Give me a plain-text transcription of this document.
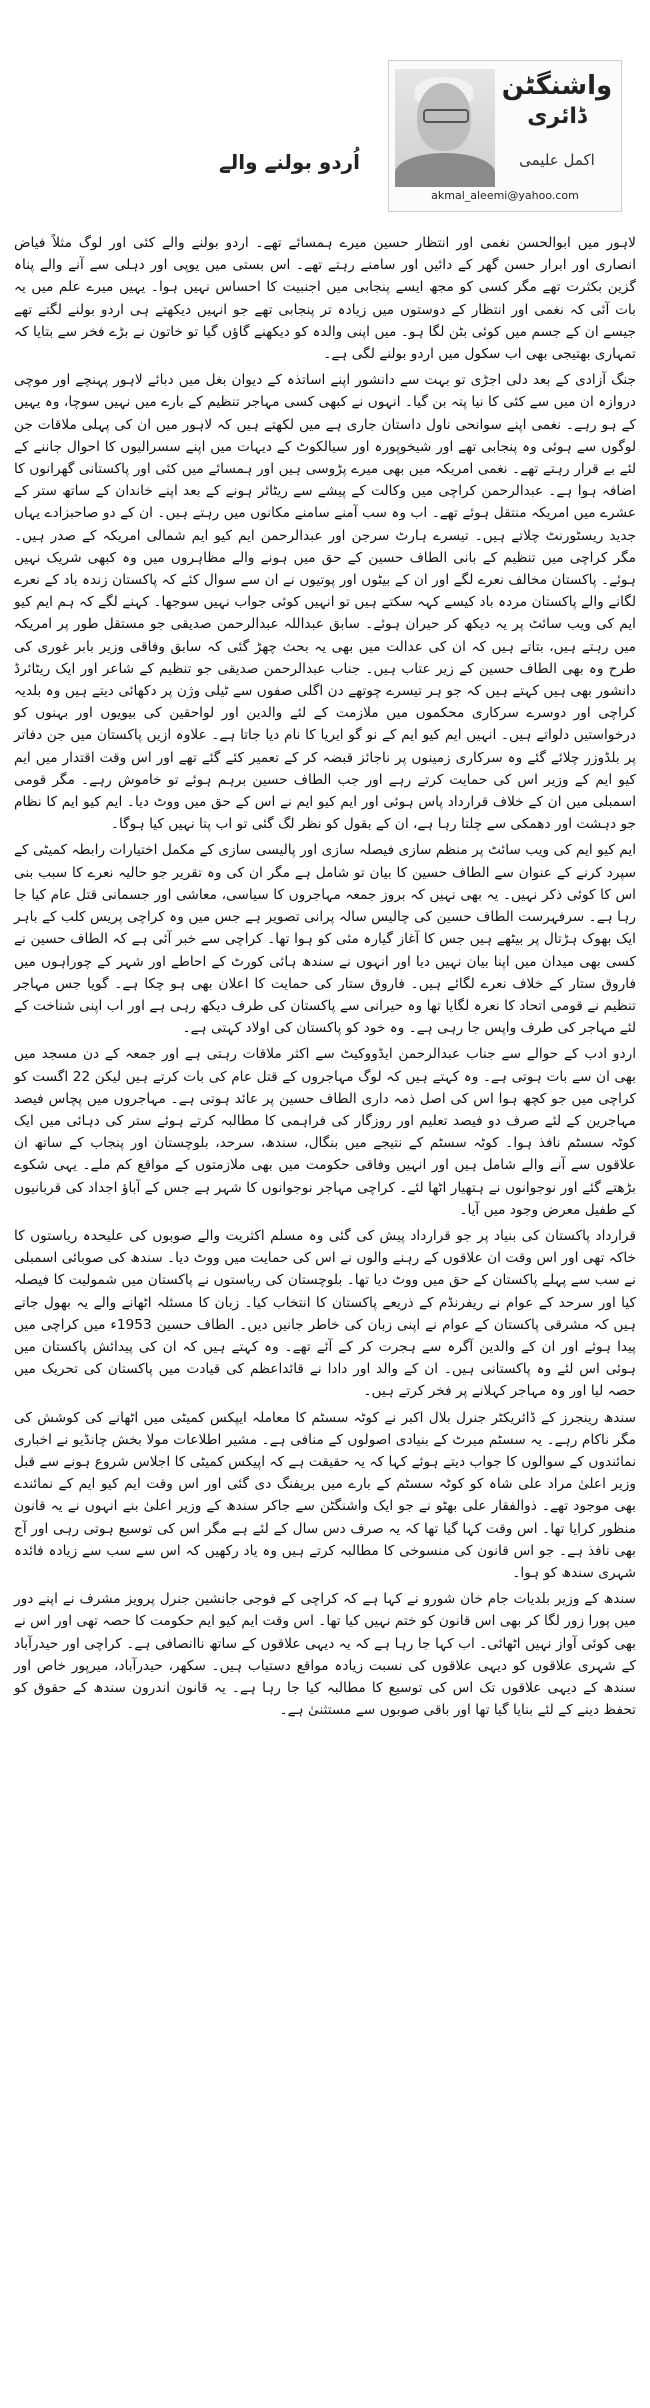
واشنگٹن
ڈائری
اکمل علیمی
akmal_aleemi@yahoo.com
اُردو بولنے والے

لاہور میں ابوالحسن نغمی اور انتظار حسین میرے ہمسائے تھے۔ اردو بولنے والے کئی اور لوگ مثلاً فیاض انصاری اور ابرار حسن گھر کے دائیں اور سامنے رہتے تھے۔ اس بستی میں یوپی اور دہلی سے آنے والے پناہ گزین بکثرت تھے مگر کسی کو مجھ ایسے پنجابی میں اجنبیت کا احساس نہیں ہوا۔ یہیں میرے علم میں یہ بات آئی کہ نغمی اور انتظار کے دوستوں میں زیادہ تر پنجابی تھے جو انہیں دیکھتے ہی اردو بولنے لگتے تھے جیسے ان کے جسم میں کوئی بٹن لگا ہو۔ میں اپنی والدہ کو دیکھنے گاؤں گیا تو خاتون نے بڑے فخر سے بتایا کہ تمہاری بھتیجی بھی اب سکول میں اردو بولنے لگی ہے۔

جنگ آزادی کے بعد دلی اجڑی تو بہت سے دانشور اپنے اساتذہ کے دیوان بغل میں دبائے لاہور پہنچے اور موچی دروازہ ان میں سے کئی کا نیا پتہ بن گیا۔ انہوں نے کبھی کسی مہاجر تنظیم کے بارے میں نہیں سوچا، وہ یہیں کے ہو رہے۔ نغمی اپنے سوانحی ناول داستان جاری ہے میں لکھتے ہیں کہ لاہور میں ان کی پہلی ملاقات جن لوگوں سے ہوئی وہ پنجابی تھے اور شیخوپورہ اور سیالکوٹ کے دیہات میں اپنے سسرالیوں کا احوال جاننے کے لئے بے قرار رہتے تھے۔ نغمی امریکہ میں بھی میرے پڑوسی ہیں اور ہمسائے میں کئی اور پاکستانی گھرانوں کا اضافہ ہوا ہے۔ عبدالرحمن کراچی میں وکالت کے پیشے سے ریٹائر ہونے کے بعد اپنے خاندان کے ساتھ ستر کے عشرے میں امریکہ منتقل ہوئے تھے۔ اب وہ سب آمنے سامنے مکانوں میں رہتے ہیں۔ ان کے دو صاحبزادے یہاں جدید ریسٹورنٹ چلاتے ہیں۔ تیسرے ہارٹ سرجن اور عبدالرحمن ایم کیو ایم شمالی امریکہ کے صدر ہیں۔ مگر کراچی میں تنظیم کے بانی الطاف حسین کے حق میں ہونے والے مظاہروں میں وہ کبھی شریک نہیں ہوئے۔ پاکستان مخالف نعرے لگے اور ان کے بیٹوں اور پوتیوں نے ان سے سوال کئے کہ پاکستان زندہ باد کے نعرے لگانے والے پاکستان مردہ باد کیسے کہہ سکتے ہیں تو انہیں کوئی جواب نہیں سوجھا۔ کہنے لگے کہ ہم ایم کیو ایم کی ویب سائٹ پر یہ دیکھ کر حیران ہوئے۔ سابق عبداللہ عبدالرحمن صدیقی جو مستقل طور پر امریکہ میں رہتے ہیں، بتاتے ہیں کہ ان کی عدالت میں بھی یہ بحث چھڑ گئی کہ سابق وفاقی وزیر بابر غوری کی طرح وہ بھی الطاف حسین کے زیر عتاب ہیں۔ جناب عبدالرحمن صدیقی جو تنظیم کے شاعر اور ایک ریٹائرڈ دانشور بھی ہیں کہتے ہیں کہ جو ہر تیسرے چوتھے دن اگلی صفوں سے ٹیلی وژن پر دکھائی دیتے ہیں وہ بلدیہ کراچی اور دوسرے سرکاری محکموں میں ملازمت کے لئے والدین اور لواحقین کی بیویوں اور بہنوں کو درخواستیں دلواتے ہیں۔ انہیں ایم کیو ایم کے نو گو ایریا کا نام دیا جاتا ہے۔ علاوہ ازیں پاکستان میں جن دفاتر پر بلڈوزر چلائے گئے وہ سرکاری زمینوں پر ناجائز قبضہ کر کے تعمیر کئے گئے تھے اور اس وقت اقتدار میں ایم کیو ایم کے وزیر اس کی حمایت کرتے رہے اور جب الطاف حسین برہم ہوئے تو خاموش رہے۔ مگر قومی اسمبلی میں ان کے خلاف قرارداد پاس ہوئی اور ایم کیو ایم نے اس کے حق میں ووٹ دیا۔ ایم کیو ایم کا نظام جو دہشت اور دھمکی سے چلتا رہا ہے، ان کے بقول کو نظر لگ گئی تو اب پتا نہیں کیا ہوگا۔

ایم کیو ایم کی ویب سائٹ پر منظم سازی فیصلہ سازی اور پالیسی سازی کے مکمل اختیارات رابطہ کمیٹی کے سپرد کرنے کے عنوان سے الطاف حسین کا بیان تو شامل ہے مگر ان کی وہ تقریر جو حالیہ نعرے کا سبب بنی اس کا کوئی ذکر نہیں۔ یہ بھی نہیں کہ بروز جمعہ مہاجروں کا سیاسی، معاشی اور جسمانی قتل عام کیا جا رہا ہے۔ سرفہرست الطاف حسین کی چالیس سالہ پرانی تصویر ہے جس میں وہ کراچی پریس کلب کے باہر ایک بھوک ہڑتال پر بیٹھے ہیں جس کا آغاز گیارہ مئی کو ہوا تھا۔ کراچی سے خبر آئی ہے کہ الطاف حسین نے کسی بھی میدان میں اپنا بیان نہیں دیا اور انہوں نے سندھ ہائی کورٹ کے احاطے اور شہر کے چوراہوں میں فاروق ستار کے خلاف نعرے لگائے ہیں۔ فاروق ستار کی حمایت کا اعلان بھی ہو چکا ہے۔ گویا جس مہاجر تنظیم نے قومی اتحاد کا نعرہ لگایا تھا وہ حیرانی سے پاکستان کی طرف دیکھ رہی ہے اور اب اپنی شناخت کے لئے مہاجر کی طرف واپس جا رہی ہے۔ وہ خود کو پاکستان کی اولاد کہتی ہے۔

اردو ادب کے حوالے سے جناب عبدالرحمن ایڈووکیٹ سے اکثر ملاقات رہتی ہے اور جمعہ کے دن مسجد میں بھی ان سے بات ہوتی ہے۔ وہ کہتے ہیں کہ لوگ مہاجروں کے قتل عام کی بات کرتے ہیں لیکن 22 اگست کو کراچی میں جو کچھ ہوا اس کی اصل ذمہ داری الطاف حسین پر عائد ہوتی ہے۔ مہاجروں میں پچاس فیصد مہاجرین کے لئے صرف دو فیصد تعلیم اور روزگار کی فراہمی کا مطالبہ کرتے ہوئے ستر کی دہائی میں ایک کوٹہ سسٹم نافذ ہوا۔ کوٹہ سسٹم کے نتیجے میں بنگال، سندھ، سرحد، بلوچستان اور پنجاب کے ساتھ ان علاقوں سے آنے والے شامل ہیں اور انہیں وفاقی حکومت میں بھی ملازمتوں کے مواقع کم ملے۔ یہی شکوے بڑھتے گئے اور نوجوانوں نے ہتھیار اٹھا لئے۔ کراچی مہاجر نوجوانوں کا شہر ہے جس کے آباؤ اجداد کی قربانیوں کے طفیل معرض وجود میں آیا۔

قرارداد پاکستان کی بنیاد پر جو قرارداد پیش کی گئی وہ مسلم اکثریت والے صوبوں کی علیحدہ ریاستوں کا خاکہ تھی اور اس وقت ان علاقوں کے رہنے والوں نے اس کی حمایت میں ووٹ دیا۔ سندھ کی صوبائی اسمبلی نے سب سے پہلے پاکستان کے حق میں ووٹ دیا تھا۔ بلوچستان کی ریاستوں نے پاکستان میں شمولیت کا فیصلہ کیا اور سرحد کے عوام نے ریفرنڈم کے ذریعے پاکستان کا انتخاب کیا۔ زبان کا مسئلہ اٹھانے والے یہ بھول جاتے ہیں کہ مشرقی پاکستان کے عوام نے اپنی زبان کی خاطر جانیں دیں۔ الطاف حسین 1953ء میں کراچی میں پیدا ہوئے اور ان کے والدین آگرہ سے ہجرت کر کے آئے تھے۔ وہ کہتے ہیں کہ ان کی پیدائش پاکستان میں ہوئی اس لئے وہ پاکستانی ہیں۔ ان کے والد اور دادا نے قائداعظم کی قیادت میں پاکستان کی تحریک میں حصہ لیا اور وہ مہاجر کہلانے پر فخر کرتے ہیں۔

سندھ رینجرز کے ڈائریکٹر جنرل بلال اکبر نے کوٹہ سسٹم کا معاملہ ایپکس کمیٹی میں اٹھانے کی کوشش کی مگر ناکام رہے۔ یہ سسٹم میرٹ کے بنیادی اصولوں کے منافی ہے۔ مشیر اطلاعات مولا بخش چانڈیو نے اخباری نمائندوں کے سوالوں کا جواب دیتے ہوئے کہا کہ یہ حقیقت ہے کہ اپیکس کمیٹی کا اجلاس شروع ہونے سے قبل وزیر اعلیٰ مراد علی شاہ کو کوٹہ سسٹم کے بارے میں بریفنگ دی گئی اور اس وقت ایم کیو ایم کے نمائندے بھی موجود تھے۔ ذوالفقار علی بھٹو نے جو ایک واشنگٹن سے جاکر سندھ کے وزیر اعلیٰ بنے انہوں نے یہ قانون منظور کرایا تھا۔ اس وقت کہا گیا تھا کہ یہ صرف دس سال کے لئے ہے مگر اس کی توسیع ہوتی رہی اور آج بھی نافذ ہے۔ جو اس قانون کی منسوخی کا مطالبہ کرتے ہیں وہ یاد رکھیں کہ اس سے سب سے زیادہ فائدہ شہری سندھ کو ہوا۔

سندھ کے وزیر بلدیات جام خان شورو نے کہا ہے کہ کراچی کے فوجی جانشین جنرل پرویز مشرف نے اپنے دور میں پورا زور لگا کر بھی اس قانون کو ختم نہیں کیا تھا۔ اس وقت ایم کیو ایم حکومت کا حصہ تھی اور اس نے بھی کوئی آواز نہیں اٹھائی۔ اب کہا جا رہا ہے کہ یہ دیہی علاقوں کے ساتھ ناانصافی ہے۔ کراچی اور حیدرآباد کے شہری علاقوں کو دیہی علاقوں کی نسبت زیادہ مواقع دستیاب ہیں۔ سکھر، حیدرآباد، میرپور خاص اور سندھ کے دیہی علاقوں تک اس کی توسیع کا مطالبہ کیا جا رہا ہے۔ یہ قانون اندرون سندھ کے حقوق کو تحفظ دینے کے لئے بنایا گیا تھا اور باقی صوبوں سے مستثنیٰ ہے۔
